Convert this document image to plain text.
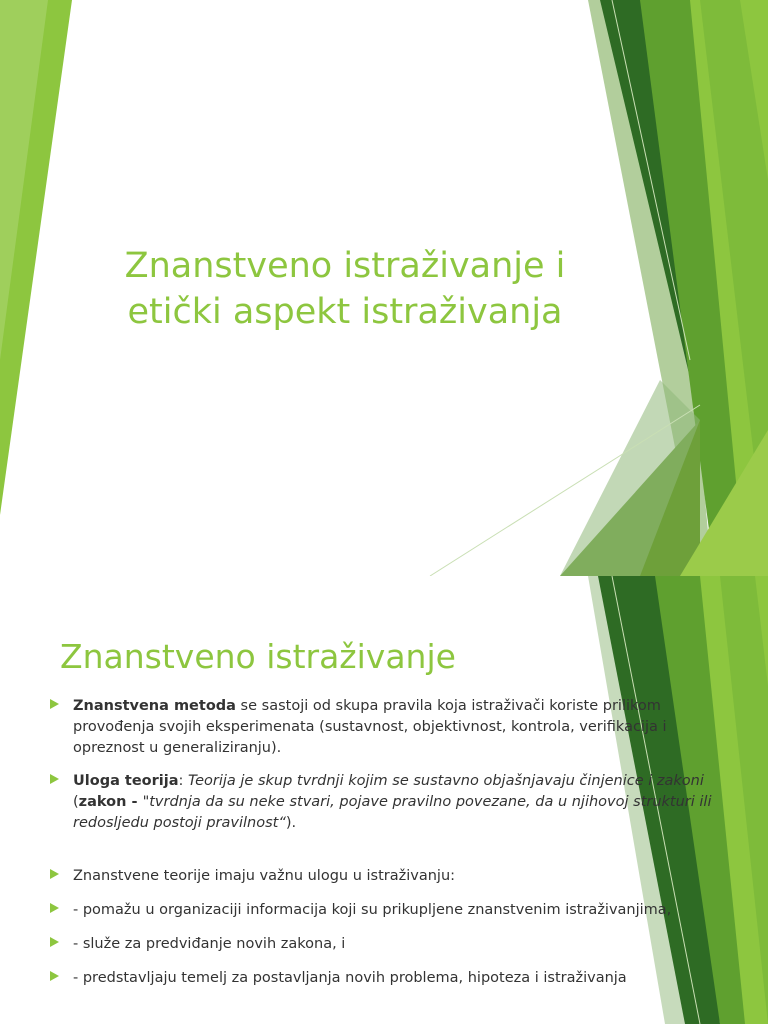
Znanstveno istraživanje i
etički aspekt istraživanja
Znanstveno istraživanje
Znanstvena metoda se sastoji od skupa pravila koja istraživači koriste prilikom provođenja svojih eksperimenata (sustavnost, objektivnost, kontrola, verifikacija i opreznost u generaliziranju).
Uloga teorija: Teorija je skup tvrdnji kojim se sustavno objašnjavaju činjenice i zakoni (zakon - "tvrdnja da su neke stvari, pojave pravilno povezane, da u njihovoj strukturi ili redosljedu postoji pravilnost“).
Znanstvene teorije imaju važnu ulogu u istraživanju:
- pomažu u organizaciji informacija koji su prikupljene znanstvenim istraživanjima,
- služe za predviđanje novih zakona, i
- predstavljaju temelj za postavljanja novih problema, hipoteza i istraživanja
